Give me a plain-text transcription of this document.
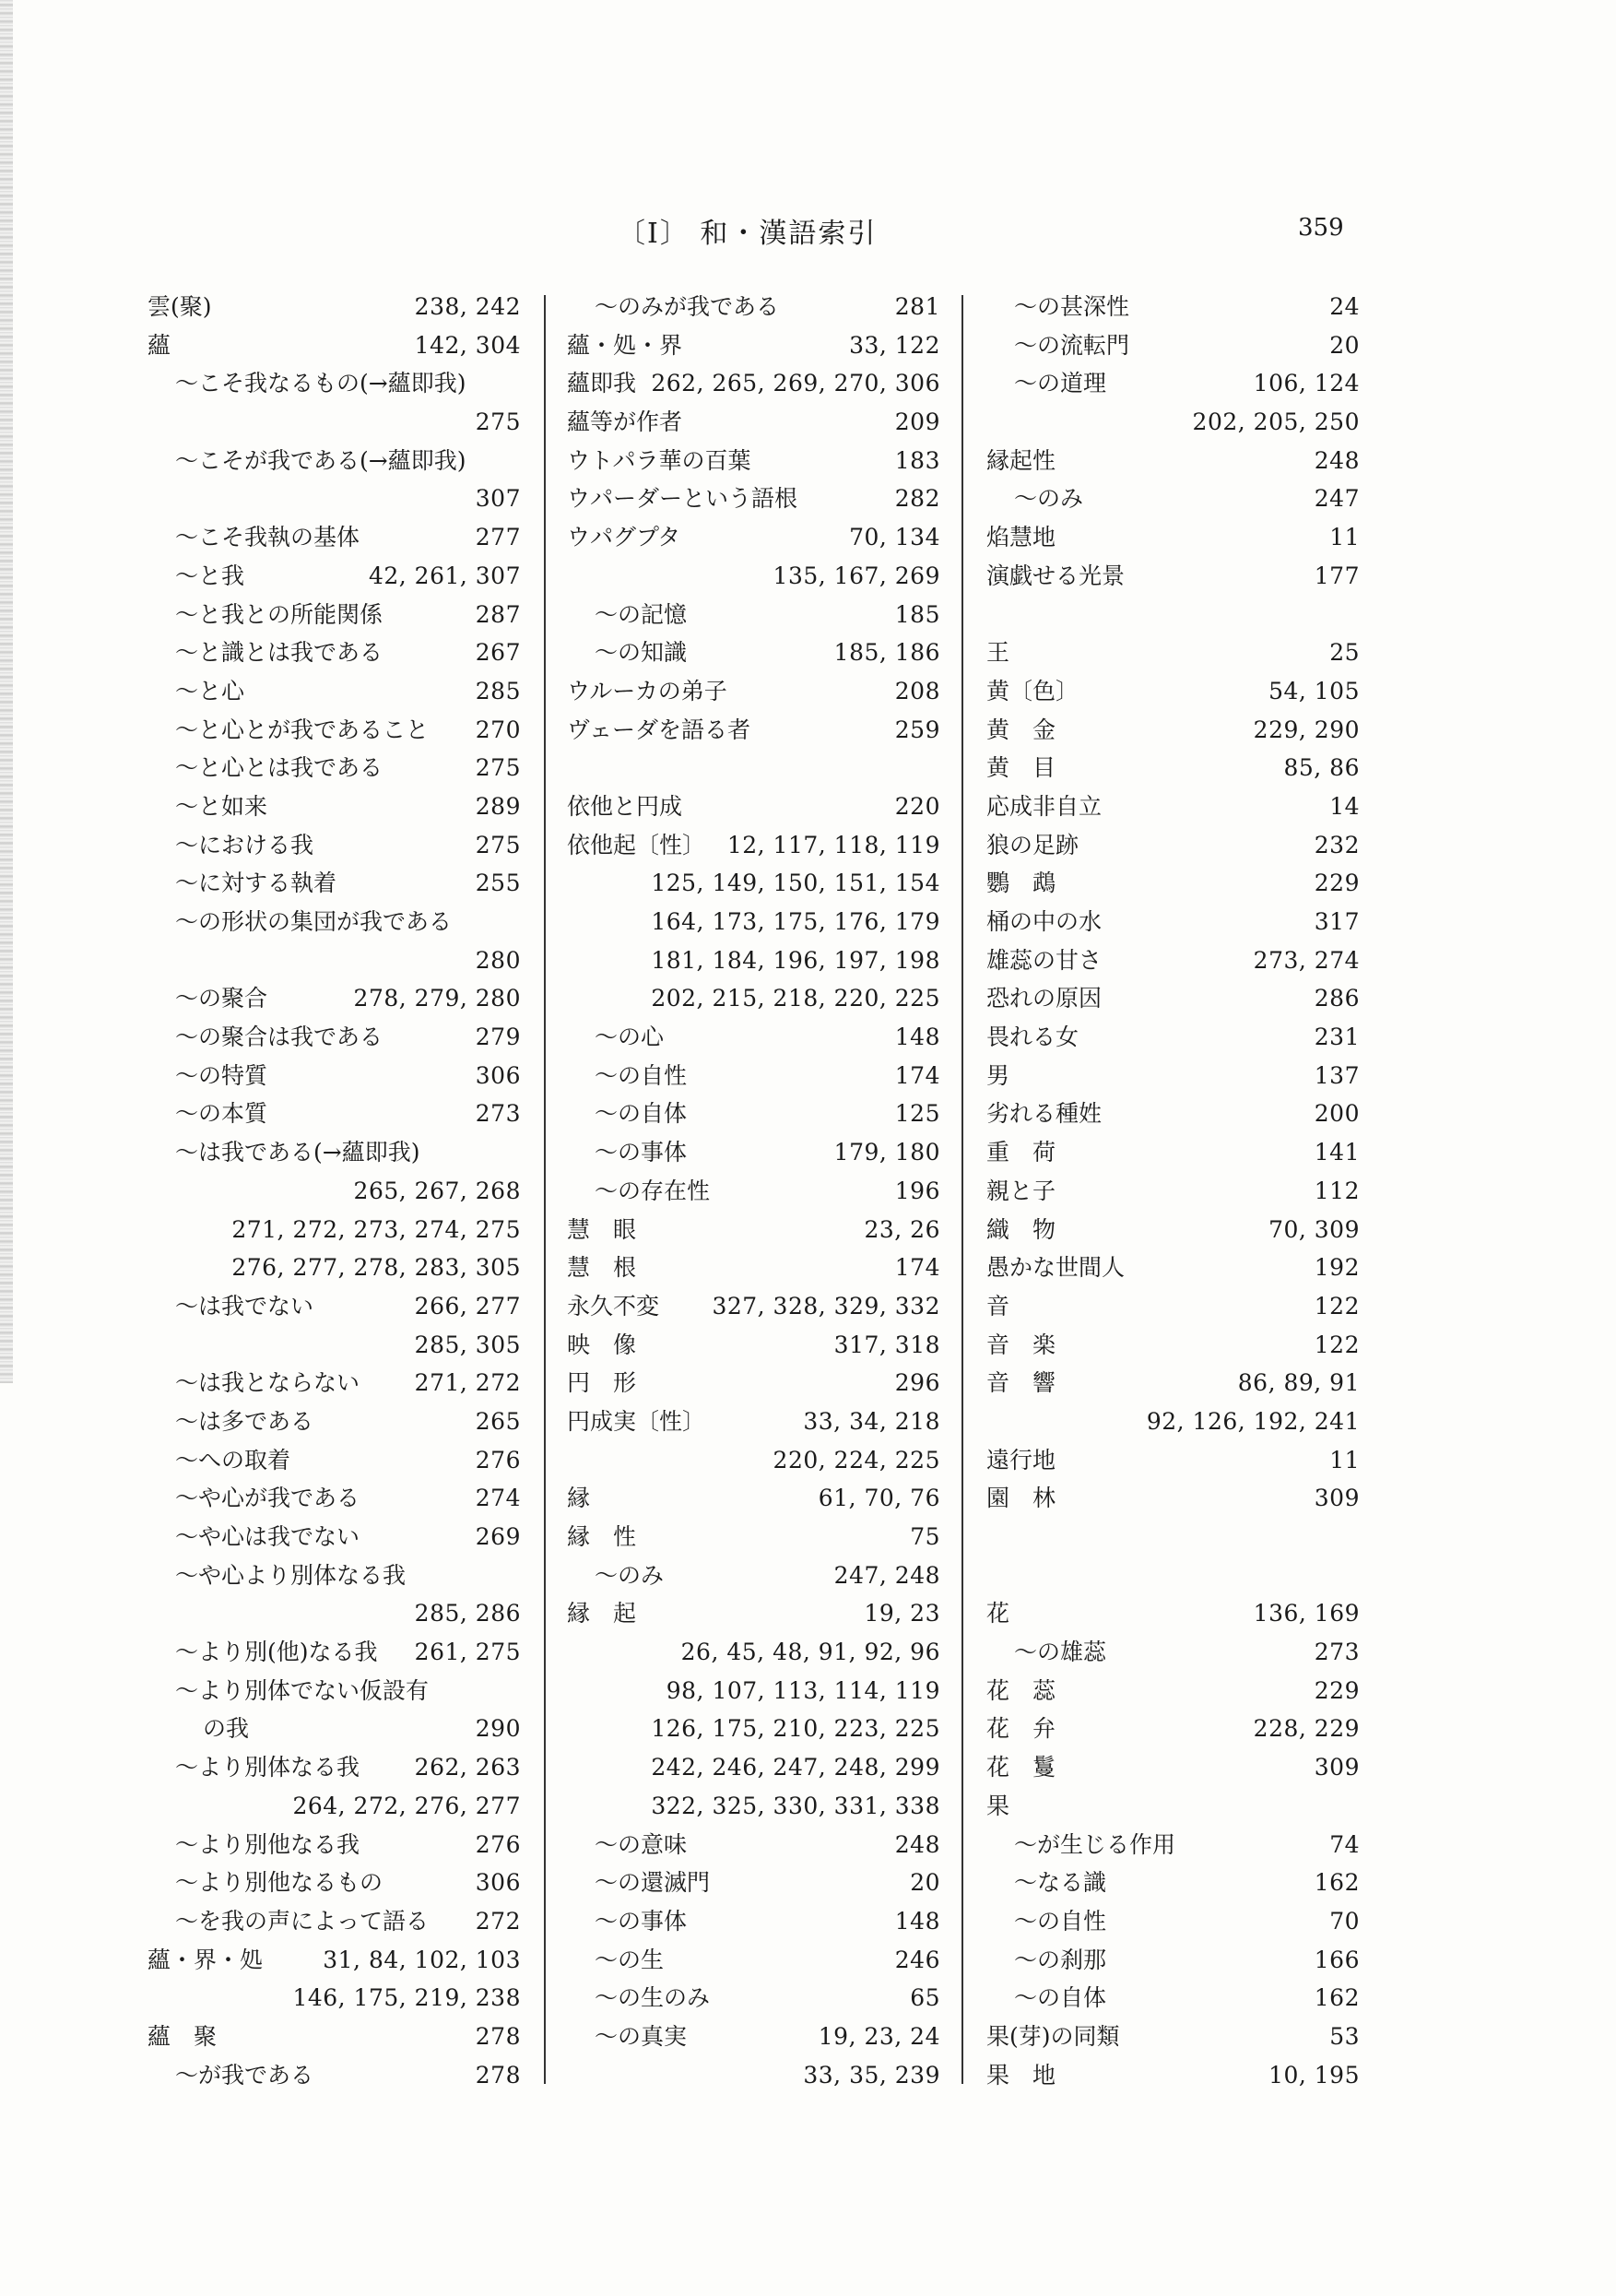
〔I〕 和・漢語索引	359
雲(聚)	238, 242
蘊	142, 304
〜こそ我なるもの(→蘊即我)
275
〜こそが我である(→蘊即我)
307
〜こそ我執の基体	277
〜と我	42, 261, 307
〜と我との所能関係	287
〜と識とは我である	267
〜と心	285
〜と心とが我であること 270
〜と心とは我である	275
〜と如来	289
〜における我	275
〜に対する執着	255
〜の形状の集団が我である
280
〜の聚合	278, 279, 280
〜の聚合は我である	279
〜の特質	306
〜の本質	273
〜は我である(→蘊即我)
265, 267, 268
271, 272, 273, 274, 275
276, 277, 278, 283, 305
〜は我でない	266, 277
285, 305
〜は我とならない 271, 272
〜は多である	265
〜への取着	276
〜や心が我である	274
〜や心は我でない	269
〜や心より別体なる我
285, 286
〜より別(他)なる我 261, 275
〜より別体でない仮設有
の我	290
〜より別体なる我 262, 263
264, 272, 276, 277
〜より別他なる我	276
〜より別他なるもの	306
〜を我の声によって語る 272
蘊・界・処	31, 84, 102, 103
146, 175, 219, 238
蘊　聚	278
〜が我である	278
〜のみが我である	281
蘊・処・界	33, 122
蘊即我 262, 265, 269, 270, 306
蘊等が作者	209
ウトパラ華の百葉	183
ウパーダーという語根	282
ウパグプタ	70, 134
135, 167, 269
〜の記憶	185
〜の知識	185, 186
ウルーカの弟子	208
ヴェーダを語る者	259
依他と円成	220
依他起〔性〕 12, 117, 118, 119
125, 149, 150, 151, 154
164, 173, 175, 176, 179
181, 184, 196, 197, 198
202, 215, 218, 220, 225
〜の心	148
〜の自性	174
〜の自体	125
〜の事体	179, 180
〜の存在性	196
慧　眼	23, 26
慧　根	174
永久不変 327, 328, 329, 332
映　像	317, 318
円　形	296
円成実〔性〕	33, 34, 218
220, 224, 225
縁	61, 70, 76
縁　性	75
〜のみ	247, 248
縁　起	19, 23
26, 45, 48, 91, 92, 96
98, 107, 113, 114, 119
126, 175, 210, 223, 225
242, 246, 247, 248, 299
322, 325, 330, 331, 338
〜の意味	248
〜の還滅門	20
〜の事体	148
〜の生	246
〜の生のみ	65
〜の真実	19, 23, 24
33, 35, 239
〜の甚深性	24
〜の流転門	20
〜の道理	106, 124
202, 205, 250
縁起性	248
〜のみ	247
焰慧地	11
演戯せる光景	177
王	25
黄〔色〕	54, 105
黄　金	229, 290
黄　目	85, 86
応成非自立	14
狼の足跡	232
鸚　鵡	229
桶の中の水	317
雄蕊の甘さ	273, 274
恐れの原因	286
畏れる女	231
男	137
劣れる種姓	200
重　荷	141
親と子	112
織　物	70, 309
愚かな世間人	192
音	122
音　楽	122
音　響	86, 89, 91
92, 126, 192, 241
遠行地	11
園　林	309
花	136, 169
〜の雄蕊	273
花　蕊	229
花　弁	228, 229
花　鬘	309
果
〜が生じる作用	74
〜なる識	162
〜の自性	70
〜の刹那	166
〜の自体	162
果(芽)の同類	53
果　地	10, 195
